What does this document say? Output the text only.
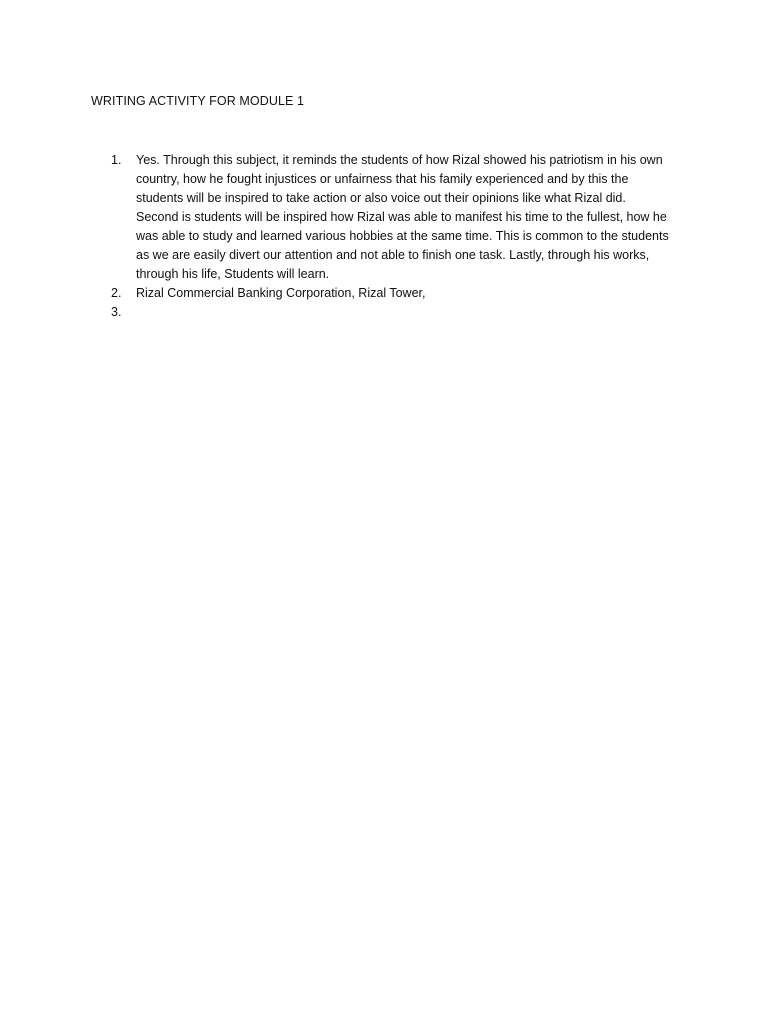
WRITING ACTIVITY FOR MODULE 1
1. Yes. Through this subject, it reminds the students of how Rizal showed his patriotism in his own
country, how he fought injustices or unfairness that his family experienced and by this the
students will be inspired to take action or also voice out their opinions like what Rizal did.
Second is students will be inspired how Rizal was able to manifest his time to the fullest, how he
was able to study and learned various hobbies at the same time. This is common to the students
as we are easily divert our attention and not able to finish one task. Lastly, through his works,
through his life, Students will learn.
2. Rizal Commercial Banking Corporation, Rizal Tower,
3.
